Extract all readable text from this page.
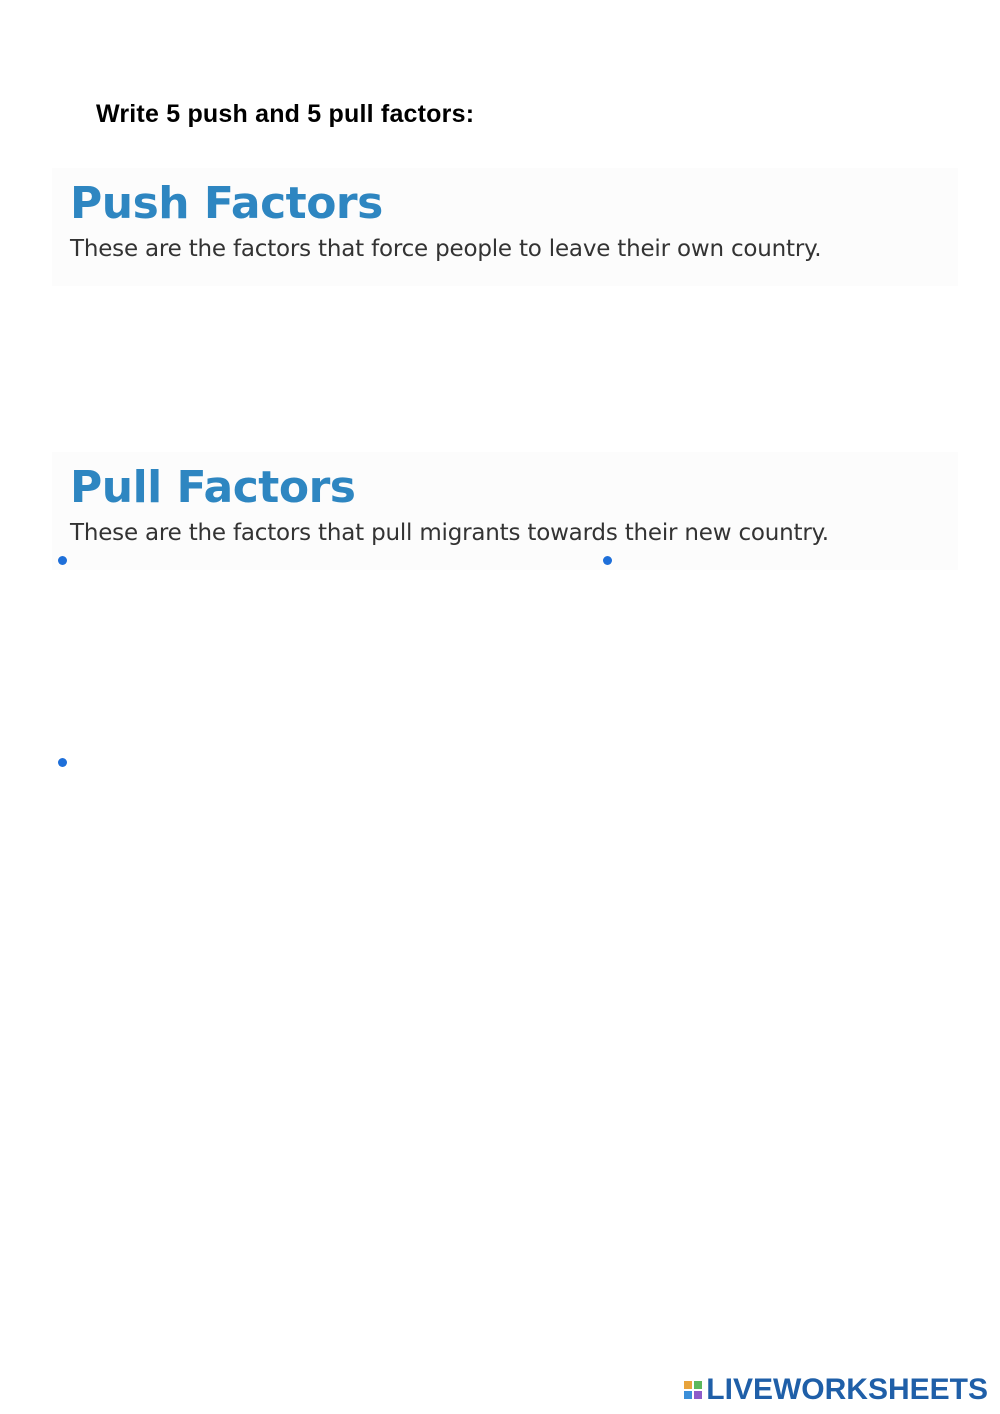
Write 5 push and 5 pull factors:
Push Factors
These are the factors that force people to leave their own country.
Pull Factors
These are the factors that pull migrants towards their new country.
LIVEWORKSHEETS
